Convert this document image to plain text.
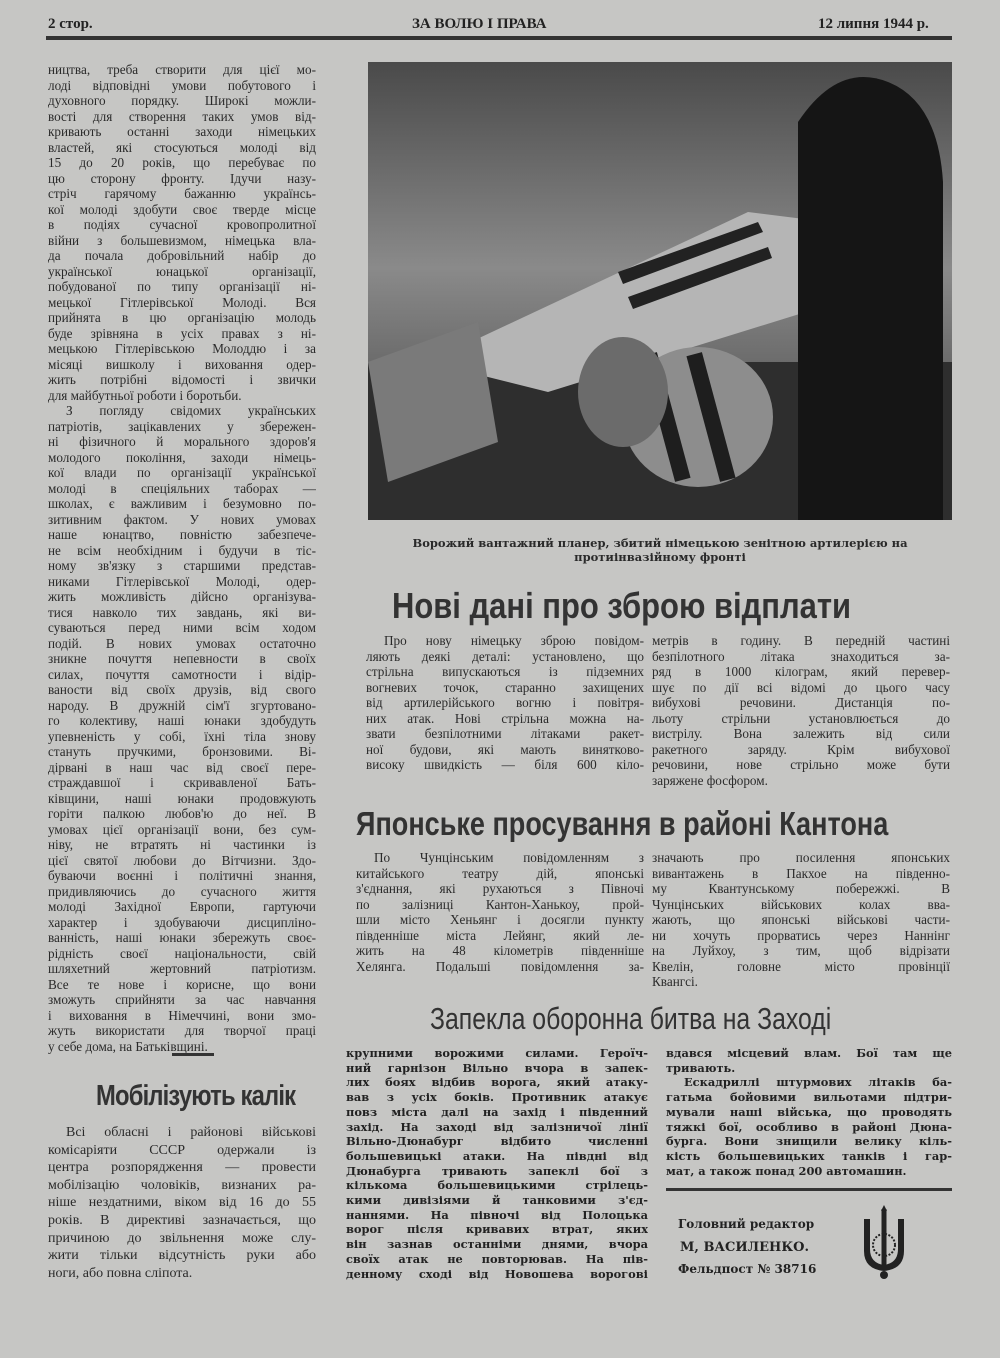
2 стор.	ЗА ВОЛЮ І ПРАВА	12 липня 1944 р.
ництва, треба створити для цієї мо-
лоді відповідні умови побутового і
духовного порядку. Широкі можли-
вості для створення таких умов від-
кривають останні заходи німецьких
властей, які стосуються молоді від
15 до 20 років, що перебуває по
цю сторону фронту. Ідучи назу-
стріч гарячому бажанню українсь-
кої молоді здобути своє тверде місце
в подіях сучасної кровопролитної
війни з большевизмом, німецька вла-
да почала добровільний набір до
української юнацької організації,
побудованої по типу організації ні-
мецької Гітлерівської Молоді. Вся
прийнята в цю організацію молодь
буде зрівняна в усіх правах з ні-
мецькою Гітлерівською Молоддю і за
місяці вишколу і виховання одер-
жить потрібні відомості і звички
для майбутньої роботи і боротьби.
З погляду свідомих українських
патріотів, зацікавлених у збережен-
ні фізичного й морального здоров'я
молодого покоління, заходи німець-
кої влади по організації української
молоді в спеціяльних таборах —
школах, є важливим і безумовно по-
зитивним фактом. У нових умовах
наше юнацтво, повністю забезпече-
не всім необхідним і будучи в тіс-
ному зв'язку з старшими представ-
никами Гітлерівської Молоді, одер-
жить можливість дійсно організува-
тися навколо тих завдань, які ви-
суваються перед ними всім ходом
подій. В нових умовах остаточно
зникне почуття непевности в своїх
силах, почуття самотности і відір-
ваности від своїх друзів, від свого
народу. В дружній сім'ї згуртовано-
го колективу, наші юнаки здобудуть
упевненість у собі, їхні тіла знову
стануть пручкими, бронзовими. Ві-
дірвані в наш час від своєї пере-
страждавшої і скривавленої Бать-
ківщини, наші юнаки продовжують
горіти палкою любов'ю до неї. В
умовах цієї організації вони, без сум-
ніву, не втратять ні частинки із
цієї святої любови до Вітчизни. Здо-
буваючи воєнні і політичні знання,
придивляючись до сучасного життя
молоді Західної Европи, гартуючи
характер і здобуваючи дисципліно-
ванність, наші юнаки збережуть своє-
рідність своєї національности, свій
шляхетний жертовний патріотизм.
Все те нове і корисне, що вони
зможуть сприйняти за час навчання
і виховання в Німеччині, вони змо-
жуть використати для творчої праці
у себе дома, на Батьківщині.
Мобілізують калік
Всі обласні і районові військові
комісаріяти СССР одержали із
центра розпорядження — провести
мобілізацію чоловіків, визнаних ра-
ніше нездатними, віком від 16 до 55
років. В директиві зазначається, що
причиною до звільнення може слу-
жити тільки відсутність руки або
ноги, або повна сліпота.
Ворожий вантажний планер, збитий німецькою зенітною артилерією на
протиінвазійному фронті
Нові дані про зброю відплати
Про нову німецьку зброю повідом-
ляють деякі деталі: установлено, що
стрільна випускаються із підземних
вогневих точок, старанно захищених
від артилерійського вогню і повітря-
них атак. Нові стрільна можна на-
звати безпілотними літаками ракет-
ної будови, які мають винятково-
високу швидкість — біля 600 кіло-
метрів в годину. В передній частині
безпілотного літака знаходиться за-
ряд в 1000 кілограм, який перевер-
шує по дії всі відомі до цього часу
вибухові речовини. Дистанція по-
льоту стрільни установлюється до
вистрілу. Вона залежить від сили
ракетного заряду. Крім вибухової
речовини, нове стрільно може бути
заряжене фосфором.
Японське просування в районі Кантона
По Чунцінським повідомленням з
китайського театру дій, японські
з'єднання, які рухаються з Півночі
по залізниці Кантон-Ханькоу, прой-
шли місто Хеньянг і досягли пункту
південніше міста Лейянг, який ле-
жить на 48 кілометрів південніше
Хелянга. Подальші повідомлення за-
значають про посилення японських
вивантажень в Пакхое на південно-
му Квантунському побережжі. В
Чунцінських військових колах вва-
жають, що японські військові части-
ни хочуть прорватись через Наннінг
на Луйхоу, з тим, щоб відрізати
Квелін, головне місто провінції
Квангсі.
Запекла оборонна битва на Заході
крупними ворожими силами. Героїч-
ний гарнізон Вільно вчора в запек-
лих боях відбив ворога, який атаку-
вав з усіх боків. Противник атакує
повз міста далі на захід і південний
захід. На заході від залізничої лінії
Вільно-Дюнабург відбито численні
большевицькі атаки. На півдні від
Дюнабурга тривають запеклі бої з
кількома большевицькими стрілець-
кими дивізіями й танковими з'єд-
наннями. На півночі від Полоцька
ворог після кривавих втрат, яких
він зазнав останніми днями, вчора
своїх атак не повторював. На пів-
денному сході від Новошева ворогові
вдався місцевий влам. Бої там ще
тривають.
Ескадриллі штурмових літаків ба-
гатьма бойовими вильотами підтри-
мували наші війська, що проводять
тяжкі бої, особливо в районі Дюна-
бурга. Вони знищили велику кіль-
кість большевицьких танків і гар-
мат, а також понад 200 автомашин.
Головний редактор
М, ВАСИЛЕНКО.
Фельдпост № 38716
